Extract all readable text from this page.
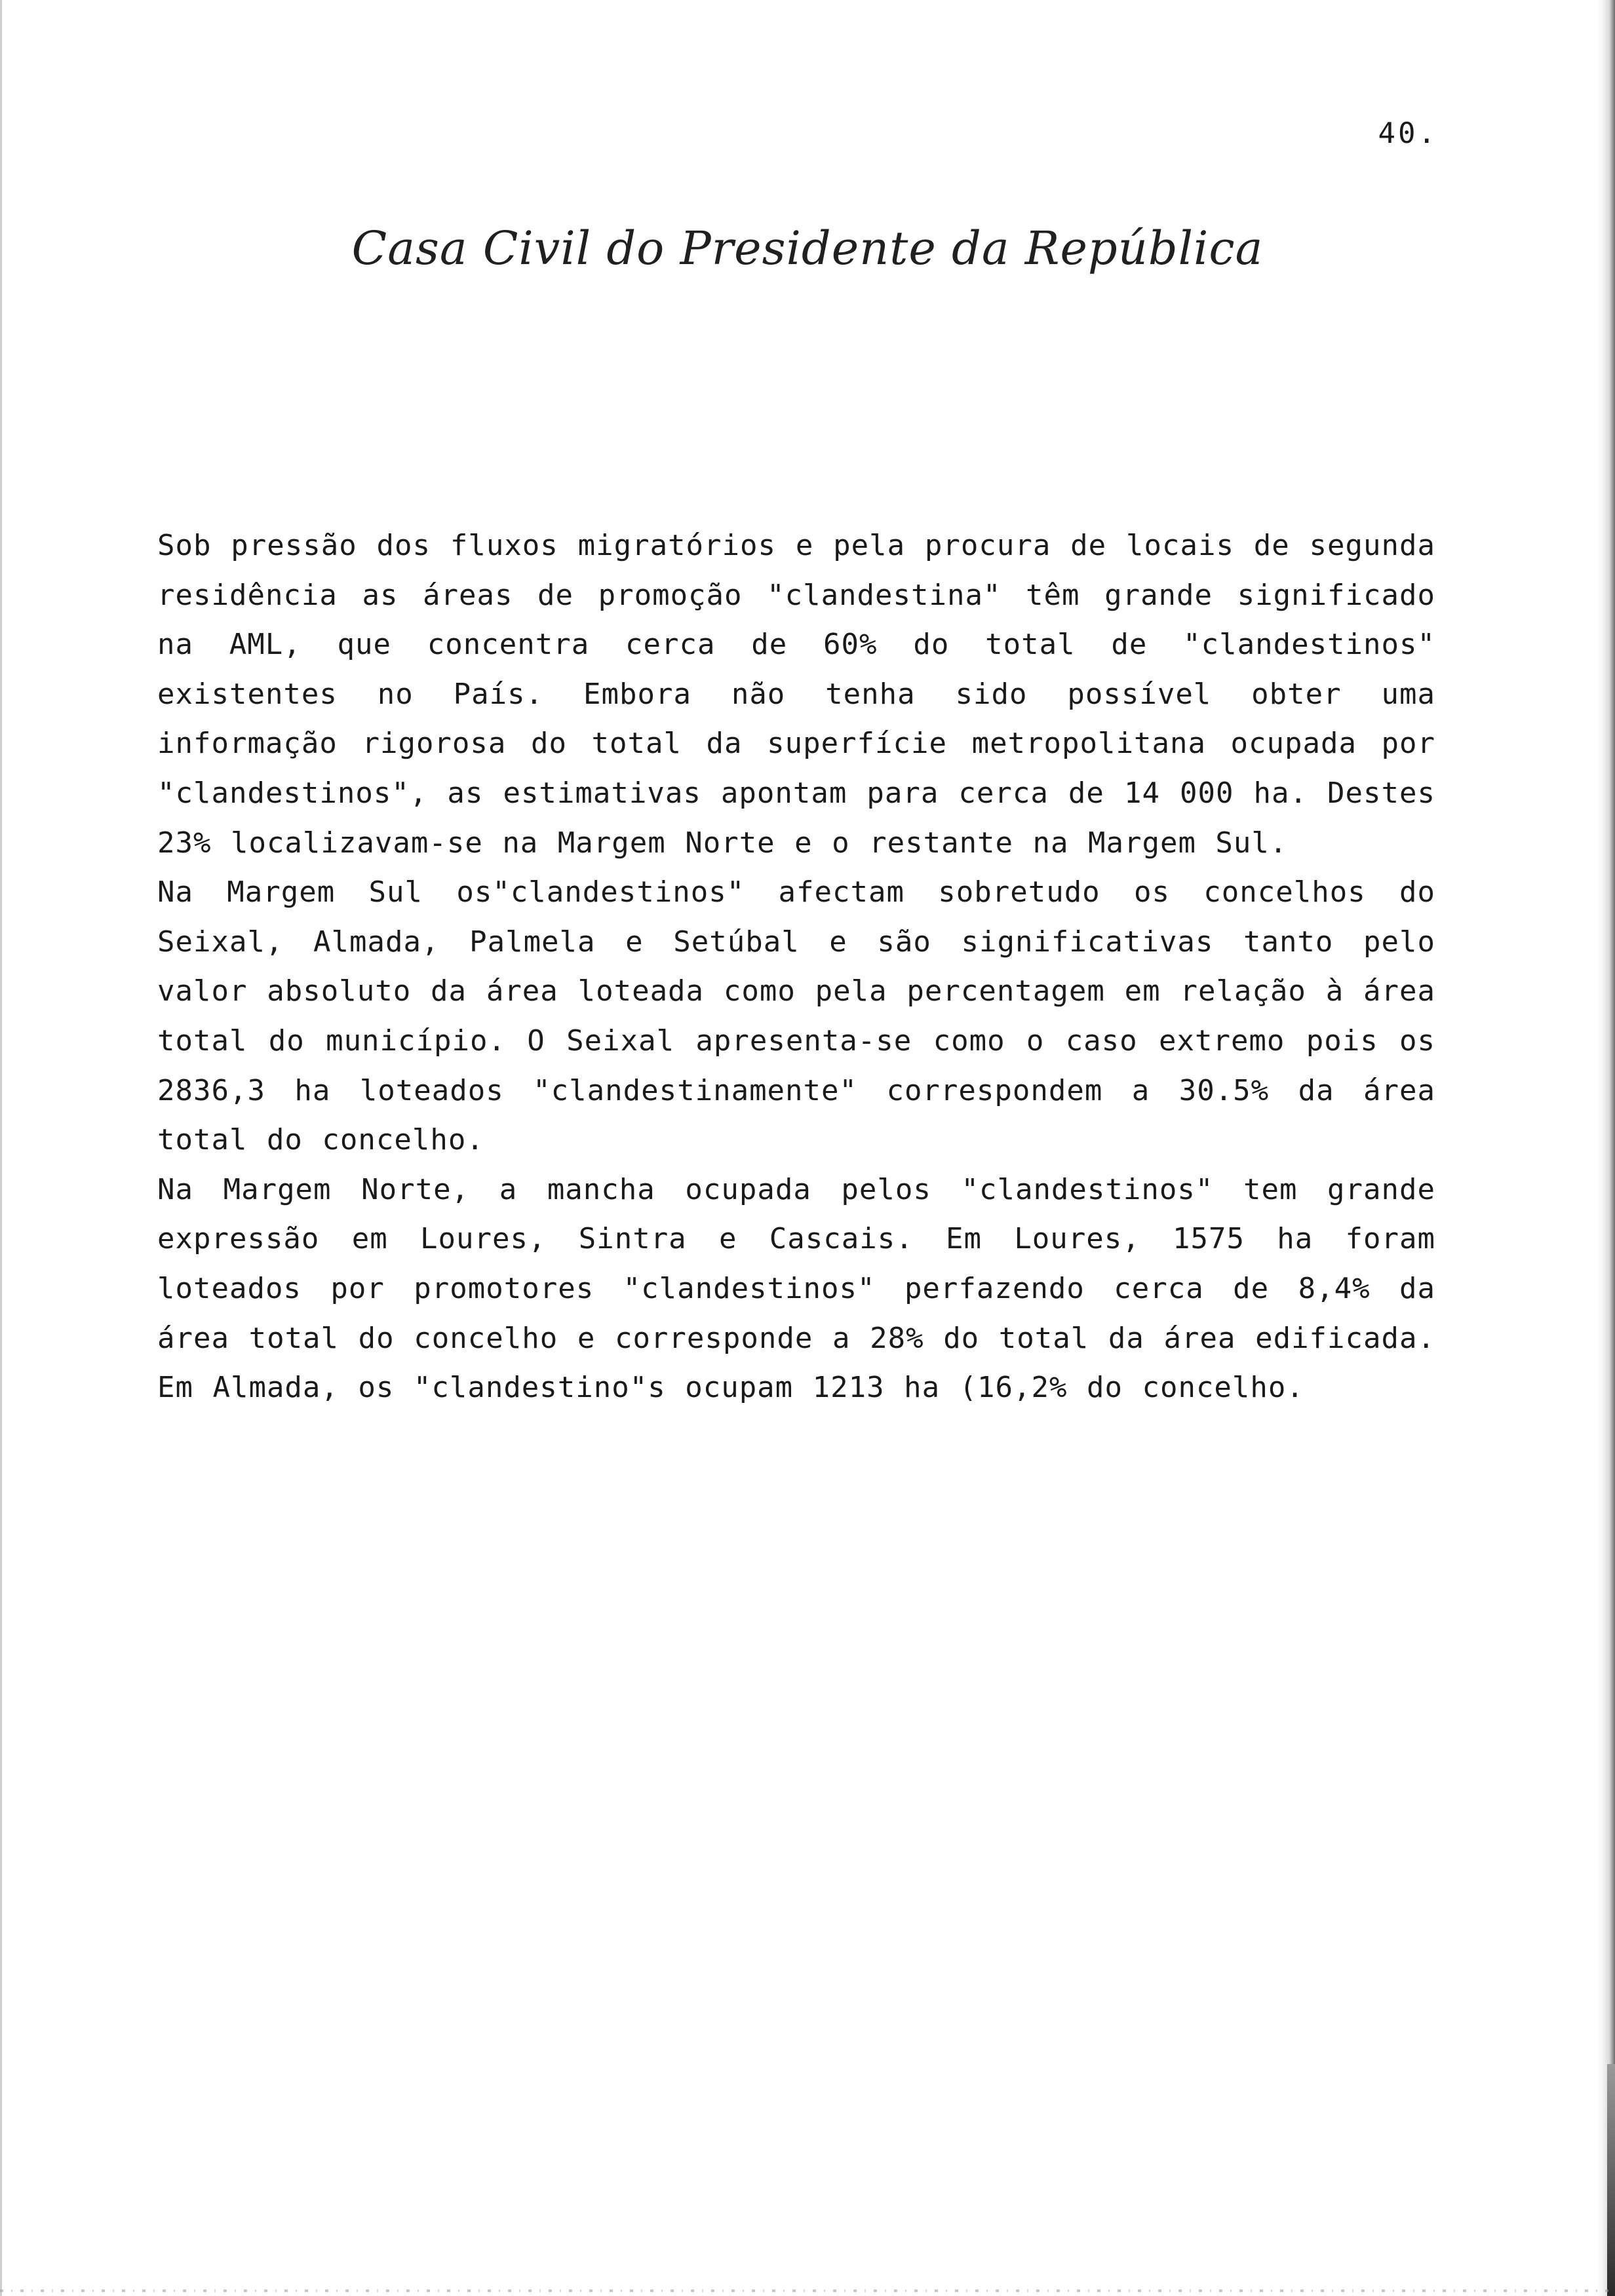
40.
Casa Civil do Presidente da República

Sob pressão dos fluxos migratórios e pela procura de locais de segunda residência as áreas de promoção "clandestina" têm grande significado na AML, que concentra cerca de 60% do total de "clandestinos" existentes no País. Embora não tenha sido possível obter uma informação rigorosa do total da superfície metropolitana ocupada por "clandestinos", as estimativas apontam para cerca de 14 000 ha. Destes 23% localizavam-se na Margem Norte e o restante na Margem Sul.

Na Margem Sul os"clandestinos" afectam sobretudo os concelhos do Seixal, Almada, Palmela e Setúbal e são significativas tanto pelo valor absoluto da área loteada como pela percentagem em relação à área total do município. O Seixal apresenta-se como o caso extremo pois os 2836,3 ha loteados "clandestinamente" correspondem a 30.5% da área total do concelho.

Na Margem Norte, a mancha ocupada pelos "clandestinos" tem grande expressão em Loures, Sintra e Cascais. Em Loures, 1575 ha foram loteados por promotores "clandestinos" perfazendo cerca de 8,4% da área total do concelho e corresponde a 28% do total da área edificada. Em Almada, os "clandestino"s ocupam 1213 ha (16,2% do concelho.
